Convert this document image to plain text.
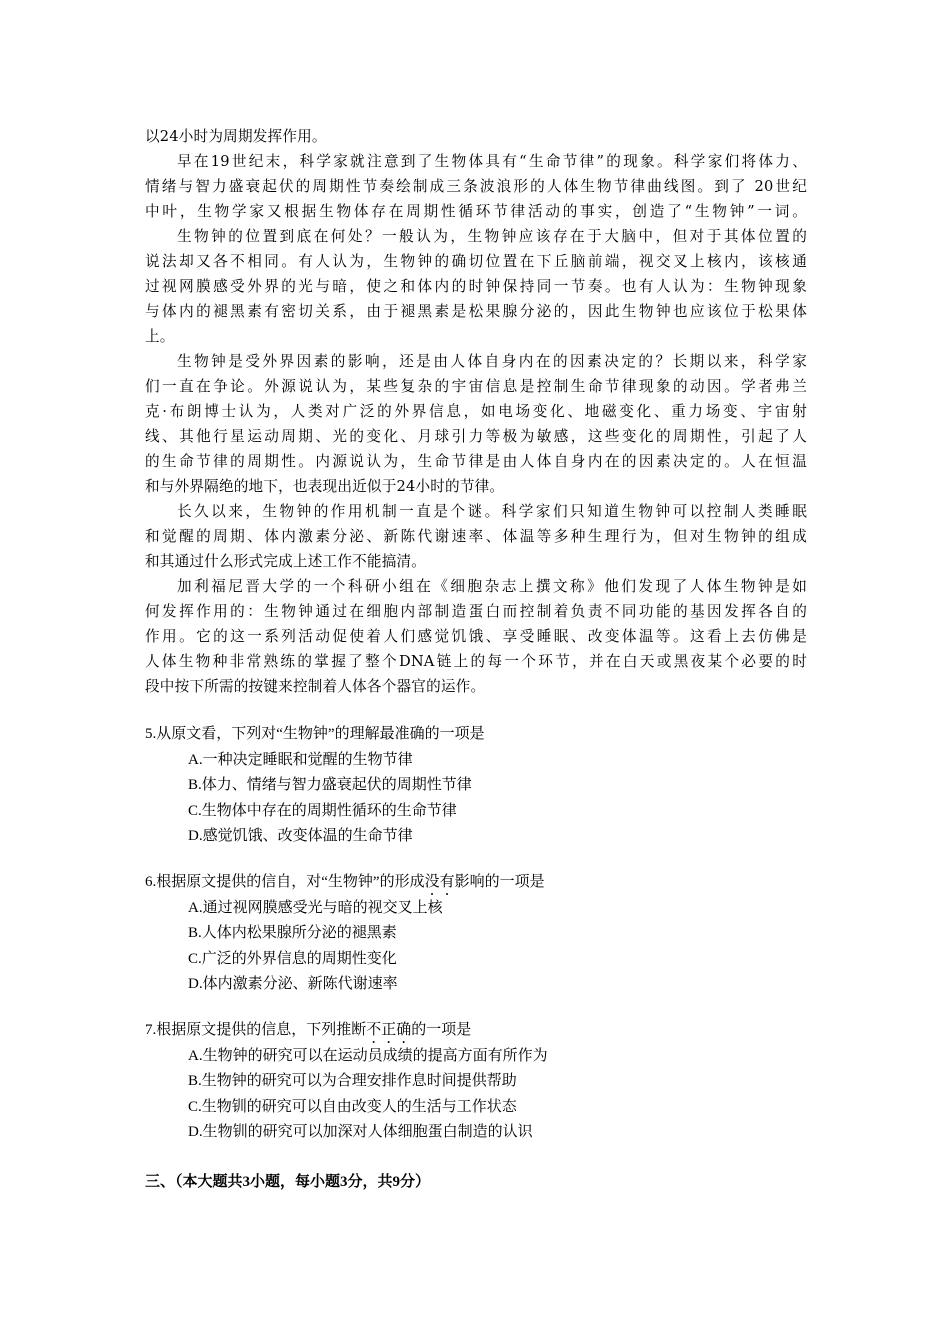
以24小时为周期发挥作用。
早在19世纪末，科学家就注意到了生物体具有“生命节律”的现象。科学家们将体力、
情绪与智力盛衰起伏的周期性节奏绘制成三条波浪形的人体生物节律曲线图。到了 20世纪
中叶，生物学家又根据生物体存在周期性循环节律活动的事实，创造了“生物钟”一词。
生物钟的位置到底在何处？一般认为，生物钟应该存在于大脑中，但对于其体位置的
说法却又各不相同。有人认为，生物钟的确切位置在下丘脑前端，视交叉上核内，该核通
过视网膜感受外界的光与暗，使之和体内的时钟保持同一节奏。也有人认为：生物钟现象
与体内的褪黑素有密切关系，由于褪黑素是松果腺分泌的，因此生物钟也应该位于松果体
上。
生物钟是受外界因素的影响，还是由人体自身内在的因素决定的？长期以来，科学家
们一直在争论。外源说认为，某些复杂的宇宙信息是控制生命节律现象的动因。学者弗兰
克·布朗博士认为，人类对广泛的外界信息，如电场变化、地磁变化、重力场变、宇宙射
线、其他行星运动周期、光的变化、月球引力等极为敏感，这些变化的周期性，引起了人
的生命节律的周期性。内源说认为，生命节律是由人体自身内在的因素决定的。人在恒温
和与外界隔绝的地下，也表现出近似于24小时的节律。
长久以来，生物钟的作用机制一直是个谜。科学家们只知道生物钟可以控制人类睡眠
和觉醒的周期、体内激素分泌、新陈代谢速率、体温等多种生理行为，但对生物钟的组成
和其通过什么形式完成上述工作不能搞清。
加利福尼晋大学的一个科研小组在《细胞杂志上撰文称》他们发现了人体生物钟是如
何发挥作用的：生物钟通过在细胞内部制造蛋白而控制着负责不同功能的基因发挥各自的
作用。它的这一系列活动促使着人们感觉饥饿、享受睡眠、改变体温等。这看上去仿佛是
人体生物种非常熟练的掌握了整个DNA链上的每一个环节，并在白天或黑夜某个必要的时
段中按下所需的按键来控制着人体各个器官的运作。
5.从原文看，下列对“生物钟”的理解最准确的一项是
A.一种决定睡眠和觉醒的生物节律
B.体力、情绪与智力盛衰起伏的周期性节律
C.生物体中存在的周期性循环的生命节律
D.感觉饥饿、改变体温的生命节律
6.根据原文提供的信自，对“生物钟”的形成没有影响的一项是
A.通过视网膜感受光与暗的视交叉上核
B.人体内松果腺所分泌的褪黑素
C.广泛的外界信息的周期性变化
D.体内激素分泌、新陈代谢速率
7.根据原文提供的信息，下列推断不正确的一项是
A.生物钟的研究可以在运动员成绩的提高方面有所作为
B.生物钟的研究可以为合理安排作息时间提供帮助
C.生物钏的研究可以自由改变人的生活与工作状态
D.生物钏的研究可以加深对人体细胞蛋白制造的认识
三、（本大题共3小题，每小题3分，共9分）
